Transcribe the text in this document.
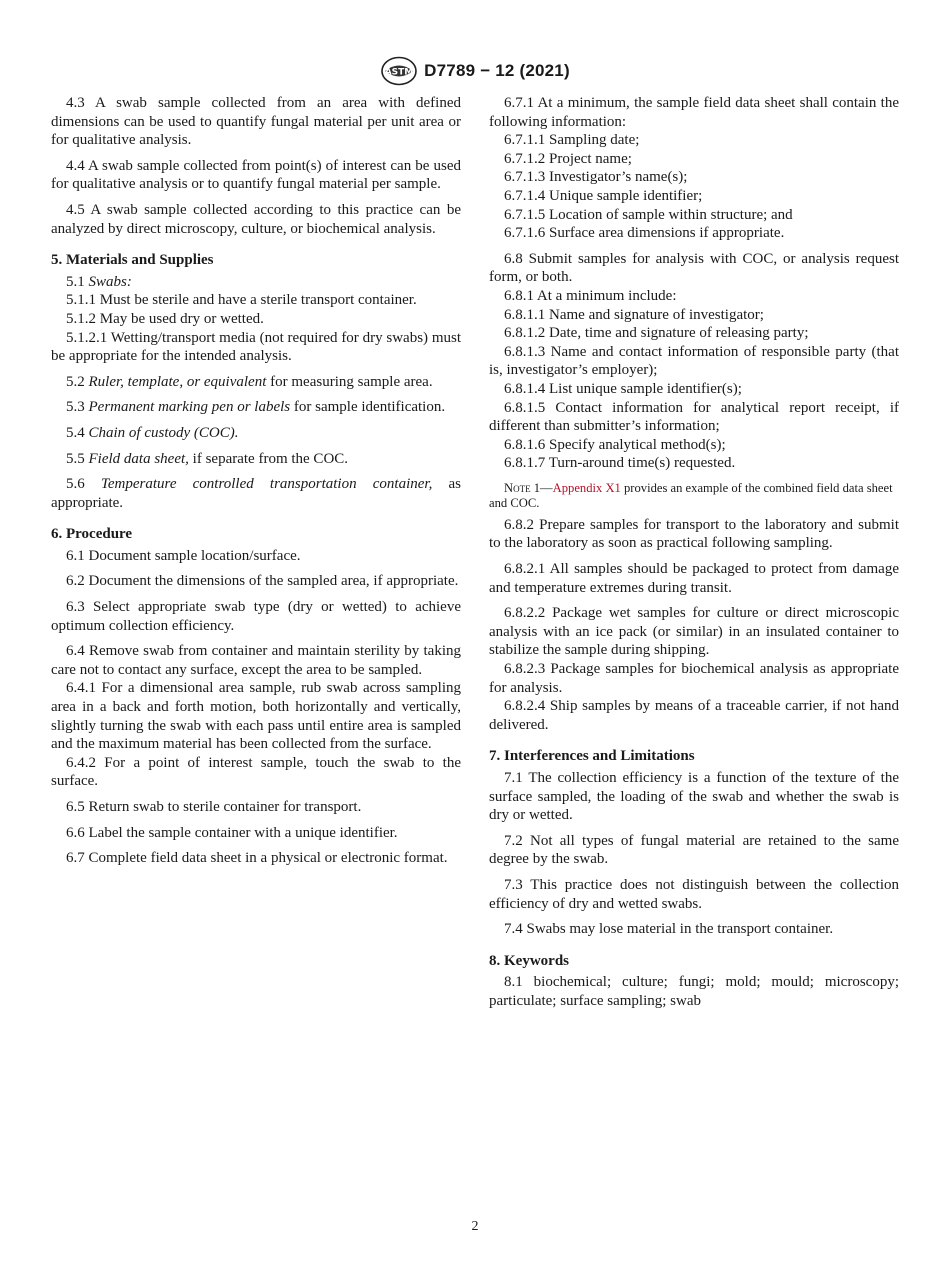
ASTM D7789 − 12 (2021)

4.3 A swab sample collected from an area with defined dimensions can be used to quantify fungal material per unit area or for qualitative analysis.

4.4 A swab sample collected from point(s) of interest can be used for qualitative analysis or to quantify fungal material per sample.

4.5 A swab sample collected according to this practice can be analyzed by direct microscopy, culture, or biochemical analysis.

5. Materials and Supplies

5.1 Swabs:

5.1.1 Must be sterile and have a sterile transport container.

5.1.2 May be used dry or wetted.

5.1.2.1 Wetting/transport media (not required for dry swabs) must be appropriate for the intended analysis.

5.2 Ruler, template, or equivalent for measuring sample area.

5.3 Permanent marking pen or labels for sample identification.

5.4 Chain of custody (COC).

5.5 Field data sheet, if separate from the COC.

5.6 Temperature controlled transportation container, as appropriate.

6. Procedure

6.1 Document sample location/surface.

6.2 Document the dimensions of the sampled area, if appropriate.

6.3 Select appropriate swab type (dry or wetted) to achieve optimum collection efficiency.

6.4 Remove swab from container and maintain sterility by taking care not to contact any surface, except the area to be sampled.

6.4.1 For a dimensional area sample, rub swab across sampling area in a back and forth motion, both horizontally and vertically, slightly turning the swab with each pass until entire area is sampled and the maximum material has been collected from the surface.

6.4.2 For a point of interest sample, touch the swab to the surface.

6.5 Return swab to sterile container for transport.

6.6 Label the sample container with a unique identifier.

6.7 Complete field data sheet in a physical or electronic format.

6.7.1 At a minimum, the sample field data sheet shall contain the following information:

6.7.1.1 Sampling date;

6.7.1.2 Project name;

6.7.1.3 Investigator’s name(s);

6.7.1.4 Unique sample identifier;

6.7.1.5 Location of sample within structure; and

6.7.1.6 Surface area dimensions if appropriate.

6.8 Submit samples for analysis with COC, or analysis request form, or both.

6.8.1 At a minimum include:

6.8.1.1 Name and signature of investigator;

6.8.1.2 Date, time and signature of releasing party;

6.8.1.3 Name and contact information of responsible party (that is, investigator’s employer);

6.8.1.4 List unique sample identifier(s);

6.8.1.5 Contact information for analytical report receipt, if different than submitter’s information;

6.8.1.6 Specify analytical method(s);

6.8.1.7 Turn-around time(s) requested.

Note 1—Appendix X1 provides an example of the combined field data sheet and COC.

6.8.2 Prepare samples for transport to the laboratory and submit to the laboratory as soon as practical following sampling.

6.8.2.1 All samples should be packaged to protect from damage and temperature extremes during transit.

6.8.2.2 Package wet samples for culture or direct microscopic analysis with an ice pack (or similar) in an insulated container to stabilize the sample during shipping.

6.8.2.3 Package samples for biochemical analysis as appropriate for analysis.

6.8.2.4 Ship samples by means of a traceable carrier, if not hand delivered.

7. Interferences and Limitations

7.1 The collection efficiency is a function of the texture of the surface sampled, the loading of the swab and whether the swab is dry or wetted.

7.2 Not all types of fungal material are retained to the same degree by the swab.

7.3 This practice does not distinguish between the collection efficiency of dry and wetted swabs.

7.4 Swabs may lose material in the transport container.

8. Keywords

8.1 biochemical; culture; fungi; mold; mould; microscopy; particulate; surface sampling; swab

2
